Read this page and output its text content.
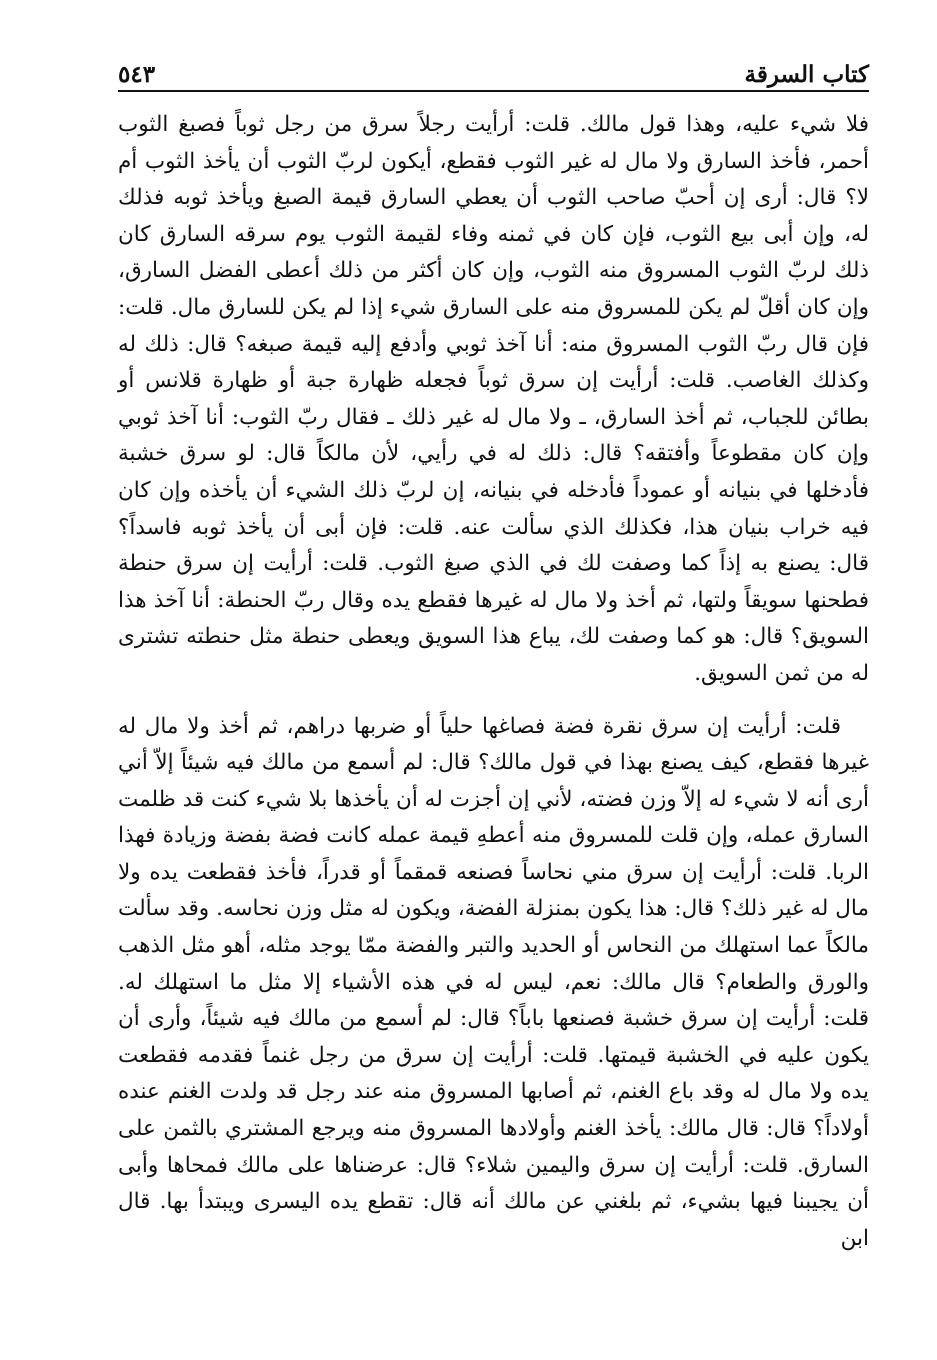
كتاب السرقة
٥٤٣

فلا شيء عليه، وهذا قول مالك. قلت: أرأيت رجلاً سرق من رجل ثوباً فصبغ الثوب أحمر، فأخذ السارق ولا مال له غير الثوب فقطع، أيكون لربّ الثوب أن يأخذ الثوب أم لا؟ قال: أرى إن أحبّ صاحب الثوب أن يعطي السارق قيمة الصبغ ويأخذ ثوبه فذلك له، وإن أبى بيع الثوب، فإن كان في ثمنه وفاء لقيمة الثوب يوم سرقه السارق كان ذلك لربّ الثوب المسروق منه الثوب، وإن كان أكثر من ذلك أعطى الفضل السارق، وإن كان أقلّ لم يكن للمسروق منه على السارق شيء إذا لم يكن للسارق مال. قلت: فإن قال ربّ الثوب المسروق منه: أنا آخذ ثوبي وأدفع إليه قيمة صبغه؟ قال: ذلك له وكذلك الغاصب. قلت: أرأيت إن سرق ثوباً فجعله ظهارة جبة أو ظهارة قلانس أو بطائن للجباب، ثم أخذ السارق، ـ ولا مال له غير ذلك ـ فقال ربّ الثوب: أنا آخذ ثوبي وإن كان مقطوعاً وأفتقه؟ قال: ذلك له في رأيي، لأن مالكاً قال: لو سرق خشبة فأدخلها في بنيانه أو عموداً فأدخله في بنيانه، إن لربّ ذلك الشيء أن يأخذه وإن كان فيه خراب بنيان هذا، فكذلك الذي سألت عنه. قلت: فإن أبى أن يأخذ ثوبه فاسداً؟ قال: يصنع به إذاً كما وصفت لك في الذي صبغ الثوب. قلت: أرأيت إن سرق حنطة فطحنها سويقاً ولتها، ثم أخذ ولا مال له غيرها فقطع يده وقال ربّ الحنطة: أنا آخذ هذا السويق؟ قال: هو كما وصفت لك، يباع هذا السويق ويعطى حنطة مثل حنطته تشترى له من ثمن السويق.

قلت: أرأيت إن سرق نقرة فضة فصاغها حلياً أو ضربها دراهم، ثم أخذ ولا مال له غيرها فقطع، كيف يصنع بهذا في قول مالك؟ قال: لم أسمع من مالك فيه شيئاً إلاّ أني أرى أنه لا شيء له إلاّ وزن فضته، لأني إن أجزت له أن يأخذها بلا شيء كنت قد ظلمت السارق عمله، وإن قلت للمسروق منه أعطهِ قيمة عمله كانت فضة بفضة وزيادة فهذا الربا. قلت: أرأيت إن سرق مني نحاساً فصنعه قمقماً أو قدراً، فأخذ فقطعت يده ولا مال له غير ذلك؟ قال: هذا يكون بمنزلة الفضة، ويكون له مثل وزن نحاسه. وقد سألت مالكاً عما استهلك من النحاس أو الحديد والتبر والفضة ممّا يوجد مثله، أهو مثل الذهب والورق والطعام؟ قال مالك: نعم، ليس له في هذه الأشياء إلا مثل ما استهلك له. قلت: أرأيت إن سرق خشبة فصنعها باباً؟ قال: لم أسمع من مالك فيه شيئاً، وأرى أن يكون عليه في الخشبة قيمتها. قلت: أرأيت إن سرق من رجل غنماً فقدمه فقطعت يده ولا مال له وقد باع الغنم، ثم أصابها المسروق منه عند رجل قد ولدت الغنم عنده أولاداً؟ قال: قال مالك: يأخذ الغنم وأولادها المسروق منه ويرجع المشتري بالثمن على السارق. قلت: أرأيت إن سرق واليمين شلاء؟ قال: عرضناها على مالك فمحاها وأبى أن يجيبنا فيها بشيء، ثم بلغني عن مالك أنه قال: تقطع يده اليسرى ويبتدأ بها. قال ابن
